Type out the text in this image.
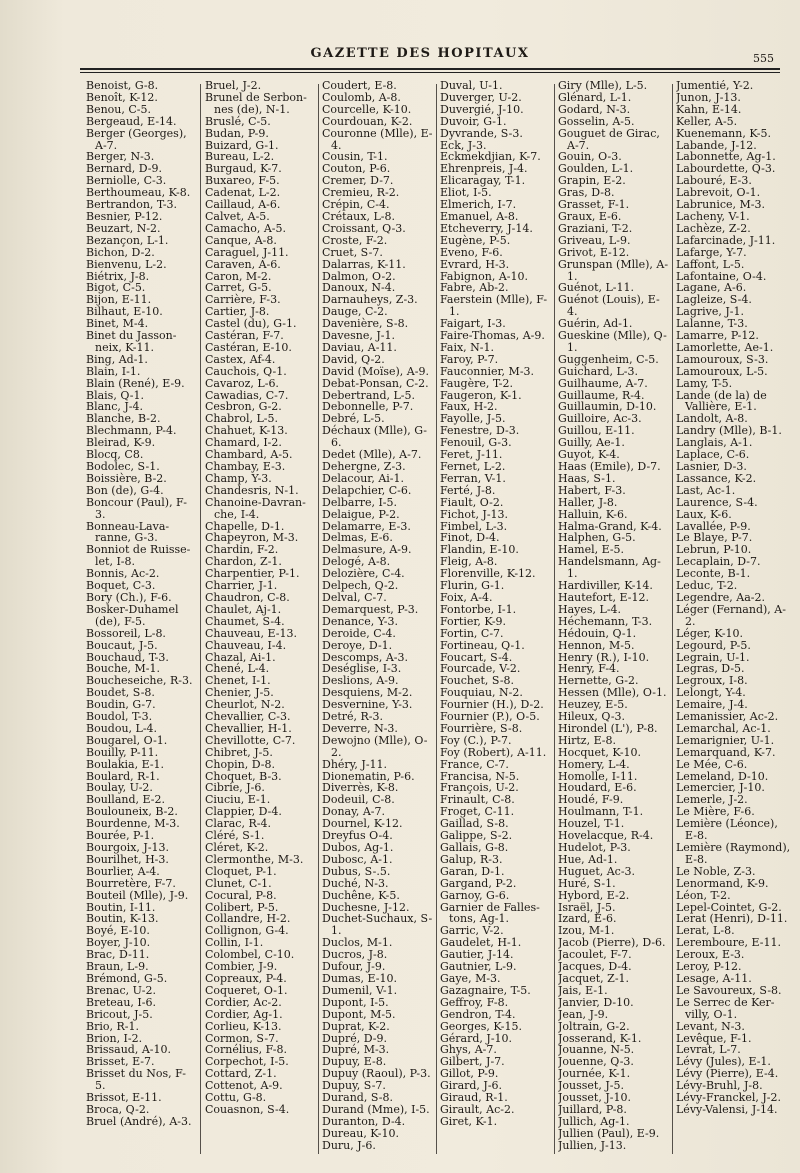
GAZETTE DES HOPITAUX	555
Benoist, G-8.
Benoît, K-12.
Benou, C-5.
Bergeaud, E-14.
Berger (Georges), A-7.
Berger, N-3.
Bernard, D-9.
Berniolle, C-3.
Berthoumeau, K-8.
Bertrandon, T-3.
Besnier, P-12.
Beuzart, N-2.
Bezançon, L-1.
Bichon, D-2.
Bienvenu, L-2.
Biétrix, J-8.
Bigot, C-5.
Bijon, E-11.
Bilhaut, E-10.
Binet, M-4.
Binet du Jasson-neix, K-11.
Bing, Ad-1.
Blain, I-1.
Blain (René), E-9.
Blais, Q-1.
Blanc, J-4.
Blanche, B-2.
Blechmann, P-4.
Bleirad, K-9.
Blocq, C8.
Bodolec, S-1.
Boissière, B-2.
Bon (de), G-4.
Boncour (Paul), F-3.
Bonneau-Lava-ranne, G-3.
Bonniot de Ruisse-let, I-8.
Bonnis, Ac-2.
Boquet, C-3.
Bory (Ch.), F-6.
Bosker-Duhamel (de), F-5.
Bossoreil, L-8.
Boucaut, J-5.
Bouchaud, T-3.
Bouche, M-1.
Boucheseiche, R-3.
Boudet, S-8.
Boudin, G-7.
Boudol, T-3.
Boudou, L-4.
Bougarel, O-1.
Bouilly, P-11.
Boulakia, E-1.
Boulard, R-1.
Boulay, U-2.
Boulland, E-2.
Boulouneix, B-2.
Bourdenne, M-3.
Bourée, P-1.
Bourgoix, J-13.
Bourilhet, H-3.
Bourlier, A-4.
Bourretère, F-7.
Bouteil (Mlle), J-9.
Boutin, I-11.
Boutin, K-13.
Boyé, E-10.
Boyer, J-10.
Brac, D-11.
Braun, L-9.
Brémond, G-5.
Brenac, U-2.
Breteau, I-6.
Bricout, J-5.
Brio, R-1.
Brion, I-2.
Brissaud, A-10.
Brisset, E-7.
Brisset du Nos, F-5.
Brissot, E-11.
Broca, Q-2.
Bruel (André), A-3.
Bruel, J-2.
Brunel de Serbon-nes (de), N-1.
Bruslé, C-5.
Budan, P-9.
Buizard, G-1.
Bureau, L-2.
Burgaud, K-7.
Buxareo, F-5.
Cadenat, L-2.
Caillaud, A-6.
Calvet, A-5.
Camacho, A-5.
Canque, A-8.
Caraguel, J-11.
Caraven, A-6.
Caron, M-2.
Carret, G-5.
Carrière, F-3.
Cartier, J-8.
Castel (du), G-1.
Castéran, F-7.
Castéran, E-10.
Castex, Af-4.
Cauchois, Q-1.
Cavaroz, L-6.
Cawadias, C-7.
Cesbron, G-2.
Chabrol, L-5.
Chahuet, K-13.
Chamard, I-2.
Chambard, A-5.
Chambay, E-3.
Champ, Y-3.
Chandesris, N-1.
Chanoine-Davran-che, I-4.
Chapelle, D-1.
Chapeyron, M-3.
Chardin, F-2.
Chardon, Z-1.
Charpentier, P-1.
Charrier, J-1.
Chaudron, C-8.
Chaulet, Aj-1.
Chaumet, S-4.
Chauveau, E-13.
Chauveau, I-4.
Chazal, Ai-1.
Chené, L-4.
Chenet, I-1.
Chenier, J-5.
Cheurlot, N-2.
Chevallier, C-3.
Chevallier, H-1.
Chevillotte, C-7.
Chibret, J-5.
Chopin, D-8.
Choquet, B-3.
Cibrie, J-6.
Ciuciu, E-1.
Clappier, D-4.
Clarac, R-4.
Cléré, S-1.
Cléret, K-2.
Clermonthe, M-3.
Cloquet, P-1.
Clunet, C-1.
Cocural, P-8.
Colibert, P-5.
Collandre, H-2.
Collignon, G-4.
Collin, I-1.
Colombel, C-10.
Combier, J-9.
Copreaux, P-4.
Coqueret, O-1.
Cordier, Ac-2.
Cordier, Ag-1.
Corlieu, K-13.
Cormon, S-7.
Cornélius, F-8.
Corpechot, I-5.
Cottard, Z-1.
Cottenot, A-9.
Cottu, G-8.
Couasnon, S-4.
Coudert, E-8.
Coulomb, A-8.
Courcelle, K-10.
Courdouan, K-2.
Couronne (Mlle), E-4.
Cousin, T-1.
Couton, P-6.
Cremer, D-7.
Cremieu, R-2.
Crépin, C-4.
Crétaux, L-8.
Croissant, Q-3.
Croste, F-2.
Cruet, S-7.
Dalarras, K-11.
Dalmon, O-2.
Danoux, N-4.
Darnauheys, Z-3.
Dauge, C-2.
Davenière, S-8.
Davesne, J-1.
Daviau, A-11.
David, Q-2.
David (Moïse), A-9.
Debat-Ponsan, C-2.
Debertrand, L-5.
Debonnelle, P-7.
Debré, L-5.
Déchaux (Mlle), G-6.
Dedet (Mlle), A-7.
Dehergne, Z-3.
Delacour, Ai-1.
Delapchier, C-6.
Delbarre, I-5.
Delaigue, P-2.
Delamarre, E-3.
Delmas, E-6.
Delmasure, A-9.
Delogé, A-8.
Delozière, C-4.
Delpech, Q-2.
Delval, C-7.
Demarquest, P-3.
Denance, Y-3.
Deroide, C-4.
Deroye, D-1.
Descomps, A-3.
Deséglise, I-3.
Deslions, A-9.
Desquiens, M-2.
Desvernine, Y-3.
Detré, R-3.
Deverre, N-3.
Dewojno (Mlle), O-2.
Dhéry, J-11.
Dionematin, P-6.
Diverrès, K-8.
Dodeuil, C-8.
Donay, A-7.
Dournel, K-12.
Dreyfus O-4.
Dubos, Ag-1.
Dubosc, A-1.
Dubus, S-.5.
Duché, N-3.
Duchêne, K-5.
Duchesne, J-12.
Duchet-Suchaux, S-1.
Duclos, M-1.
Ducros, J-8.
Dufour, J-9.
Dumas, E-10.
Dumenil, V-1.
Dupont, I-5.
Dupont, M-5.
Duprat, K-2.
Dupré, D-9.
Dupré, M-3.
Dupuy, E-8.
Dupuy (Raoul), P-3.
Dupuy, S-7.
Durand, S-8.
Durand (Mme), I-5.
Duranton, D-4.
Dureau, K-10.
Duru, J-6.
Duval, U-1.
Duverger, U-2.
Duvergié, J-10.
Duvoir, G-1.
Dyvrande, S-3.
Eck, J-3.
Eckmekdjian, K-7.
Ehrenpreis, J-4.
Elicaragay, T-1.
Eliot, I-5.
Elmerich, I-7.
Emanuel, A-8.
Etcheverry, J-14.
Eugène, P-5.
Eveno, F-6.
Evrard, H-3.
Fabignon, A-10.
Fabre, Ab-2.
Faerstein (Mlle), F-1.
Faigart, I-3.
Faire-Thomas, A-9.
Faix, N-1.
Faroy, P-7.
Fauconnier, M-3.
Faugère, T-2.
Faugeron, K-1.
Faux, H-2.
Fayolle, J-5.
Fenestre, D-3.
Fenouil, G-3.
Feret, J-11.
Fernet, L-2.
Ferran, V-1.
Ferté, J-8.
Fiault, O-2.
Fichot, J-13.
Fimbel, L-3.
Finot, D-4.
Flandin, E-10.
Fleig, A-8.
Florenville, K-12.
Flurin, G-1.
Foix, A-4.
Fontorbe, I-1.
Fortier, K-9.
Fortin, C-7.
Fortineau, Q-1.
Foucart, S-4.
Fourcade, V-2.
Fouchet, S-8.
Fouquiau, N-2.
Fournier (H.), D-2.
Fournier (P.), O-5.
Fourrière, S-8.
Foy (C.), P-7.
Foy (Robert), A-11.
France, C-7.
Francisa, N-5.
François, U-2.
Frinault, C-8.
Froget, C-11.
Gaillad, S-8.
Galippe, S-2.
Gallais, G-8.
Galup, R-3.
Garan, D-1.
Gargand, P-2.
Garnoy, G-6.
Garnier de Falles-tons, Ag-1.
Garric, V-2.
Gaudelet, H-1.
Gautier, J-14.
Gautnier, L-9.
Gaye, M-3.
Gazagnaire, T-5.
Geffroy, F-8.
Gendron, T-4.
Georges, K-15.
Gérard, J-10.
Ghys, A-7.
Gilbert, J-7.
Gillot, P-9.
Girard, J-6.
Giraud, R-1.
Girault, Ac-2.
Giret, K-1.
Giry (Mlle), L-5.
Glénard, L-1.
Godard, N-3.
Gosselin, A-5.
Gouguet de Girac, A-7.
Gouin, O-3.
Goulden, L-1.
Grapin, E-2.
Gras, D-8.
Grasset, F-1.
Graux, E-6.
Graziani, T-2.
Griveau, L-9.
Grivot, E-12.
Grunspan (Mlle), A-1.
Guénot, L-11.
Guénot (Louis), E-4.
Guérin, Ad-1.
Gueskine (Mlle), Q-1.
Guggenheim, C-5.
Guichard, L-3.
Guilhaume, A-7.
Guillaume, R-4.
Guillaumin, D-10.
Guilloire, Ac-3.
Guillou, E-11.
Guilly, Ae-1.
Guyot, K-4.
Haas (Emile), D-7.
Haas, S-1.
Habert, F-3.
Haller, J-8.
Halluin, K-6.
Halma-Grand, K-4.
Halphen, G-5.
Hamel, E-5.
Handelsmann, Ag-1.
Hardiviller, K-14.
Hautefort, E-12.
Hayes, L-4.
Héchemann, T-3.
Hédouin, Q-1.
Hennon, M-5.
Henry (R.), I-10.
Henry, F-4.
Hernette, G-2.
Hessen (Mlle), O-1.
Heuzey, E-5.
Hileux, Q-3.
Hirondel (L'), P-8.
Hirtz, E-8.
Hocquet, K-10.
Homery, L-4.
Homolle, I-11.
Houdard, E-6.
Houdé, F-9.
Houlmann, T-1.
Houzel, T-1.
Hovelacque, R-4.
Hudelot, P-3.
Hue, Ad-1.
Huguet, Ac-3.
Huré, S-1.
Hybord, E-2.
Israël, J-5.
Izard, E-6.
Izou, M-1.
Jacob (Pierre), D-6.
Jacoulet, F-7.
Jacques, D-4.
Jacquet, Z-1.
Jais, E-1.
Janvier, D-10.
Jean, J-9.
Joltrain, G-2.
Josserand, K-1.
Jouanne, N-5.
Jouenne, Q-3.
Journée, K-1.
Jousset, J-5.
Jousset, J-10.
Juillard, P-8.
Jullich, Ag-1.
Jullien (Paul), E-9.
Jullien, J-13.
Jumentié, Y-2.
Junon, J-13.
Kahn, E-14.
Keller, A-5.
Kuenemann, K-5.
Labande, J-12.
Labonnette, Ag-1.
Labourdette, Q-3.
Labouré, E-3.
Labrevoit, O-1.
Labrunice, M-3.
Lacheny, V-1.
Lachèze, Z-2.
Lafarcinade, J-11.
Lafarge, Y-7.
Laffont, L-5.
Lafontaine, O-4.
Lagane, A-6.
Lagleize, S-4.
Lagrive, J-1.
Lalanne, T-3.
Lamarre, P-12.
Lamorlette, Ae-1.
Lamouroux, S-3.
Lamouroux, L-5.
Lamy, T-5.
Lande (de la) de Vallière, E-1.
Landolt, A-8.
Landry (Mlle), B-1.
Langlais, A-1.
Laplace, C-6.
Lasnier, D-3.
Lassance, K-2.
Last, Ac-1.
Laurence, S-4.
Laux, K-6.
Lavallée, P-9.
Le Blaye, P-7.
Lebrun, P-10.
Lecaplain, D-7.
Leconte, B-1.
Leduc, T-2.
Legendre, Aa-2.
Léger (Fernand), A-2.
Léger, K-10.
Legourd, P-5.
Legrain, U-1.
Legras, D-5.
Legroux, I-8.
Lelongt, Y-4.
Lemaire, J-4.
Lemanissier, Ac-2.
Lemarchal, Ac-1.
Lemarignier, U-1.
Lemarquand, K-7.
Le Mée, C-6.
Lemeland, D-10.
Lemercier, J-10.
Lemerle, J-2.
Le Mière, F-6.
Lemière (Léonce), E-8.
Lemière (Raymond), E-8.
Le Noble, Z-3.
Lenormand, K-9.
Léon, T-2.
Lepel-Cointet, G-2.
Lerat (Henri), D-11.
Lerat, L-8.
Leremboure, E-11.
Leroux, E-3.
Leroy, P-12.
Lesage, A-11.
Le Savoureux, S-8.
Le Serrec de Ker-villy, O-1.
Levant, N-3.
Levêque, F-1.
Levrat, L-7.
Lévy (Jules), E-1.
Lévy (Pierre), E-4.
Lévy-Bruhl, J-8.
Lévy-Franckel, J-2.
Lévy-Valensi, J-14.
